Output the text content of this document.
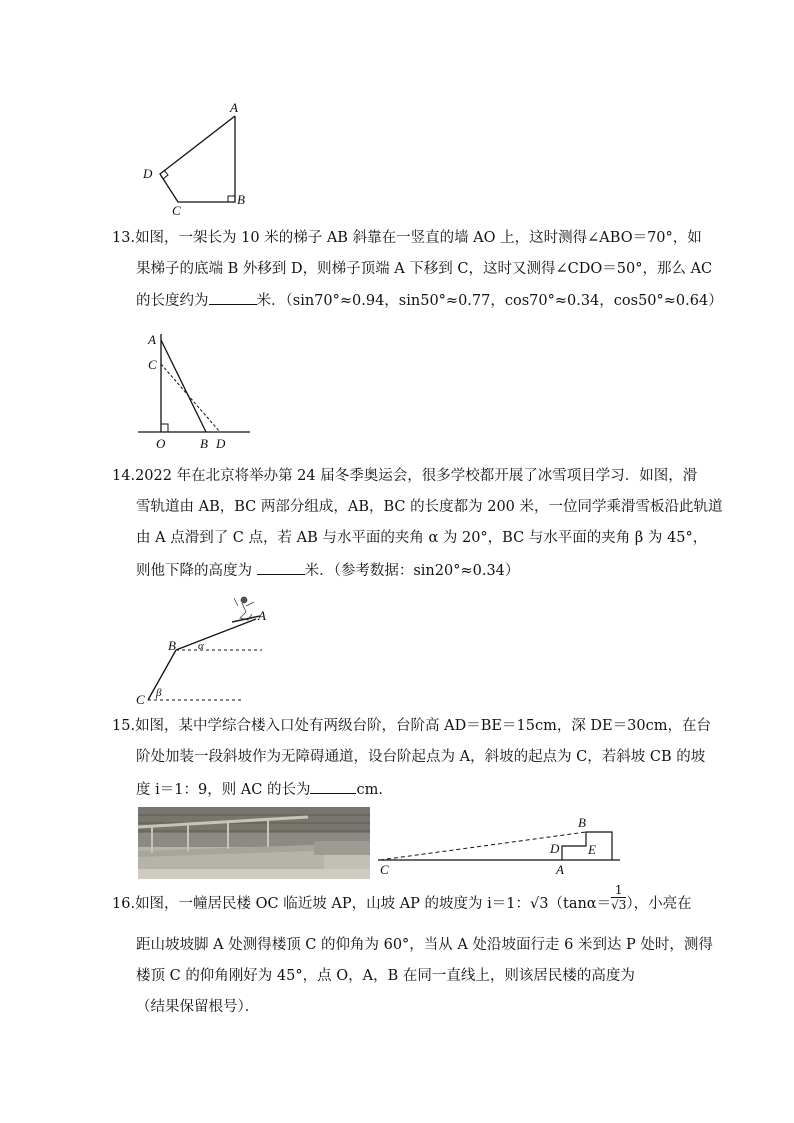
A
B
C
D
13.如图，一架长为 10 米的梯子 AB 斜靠在一竖直的墙 AO 上，这时测得∠ABO＝70°，如
果梯子的底端 B 外移到 D，则梯子顶端 A 下移到 C，这时又测得∠CDO＝50°，那么 AC
的长度约为	米．（sin70°≈0.94，sin50°≈0.77，cos70°≈0.34，cos50°≈0.64）
A
C
O	B D
14.2022 年在北京将举办第 24 届冬季奥运会，很多学校都开展了冰雪项目学习．如图，滑
雪轨道由 AB，BC 两部分组成，AB，BC 的长度都为 200 米，一位同学乘滑雪板沿此轨道
由 A 点滑到了 C 点，若 AB 与水平面的夹角 α 为 20°，BC 与水平面的夹角 β 为 45°，
则他下降的高度为	米．（参考数据：sin20°≈0.34）
A
B
C
α
β
15.如图，某中学综合楼入口处有两级台阶，台阶高 AD＝BE＝15cm，深 DE＝30cm，在台
阶处加装一段斜坡作为无障碍通道，设台阶起点为 A，斜坡的起点为 C，若斜坡 CB 的坡
度 i＝1：9，则 AC 的长为	cm．
B
D E
C	A
16.如图，一幢居民楼 OC 临近坡 AP，山坡 AP 的坡度为 i＝1：$√3(\tan\alpha= \frac{1}{√3}$ ），小亮在
距山坡坡脚 A 处测得楼顶 C 的仰角为 60°，当从 A 处沿坡面行走 6 米到达 P 处时，测得
楼顶 C 的仰角刚好为 45°，点 O，A，B 在同一直线上，则该居民楼的高度为
（结果保留根号）．
